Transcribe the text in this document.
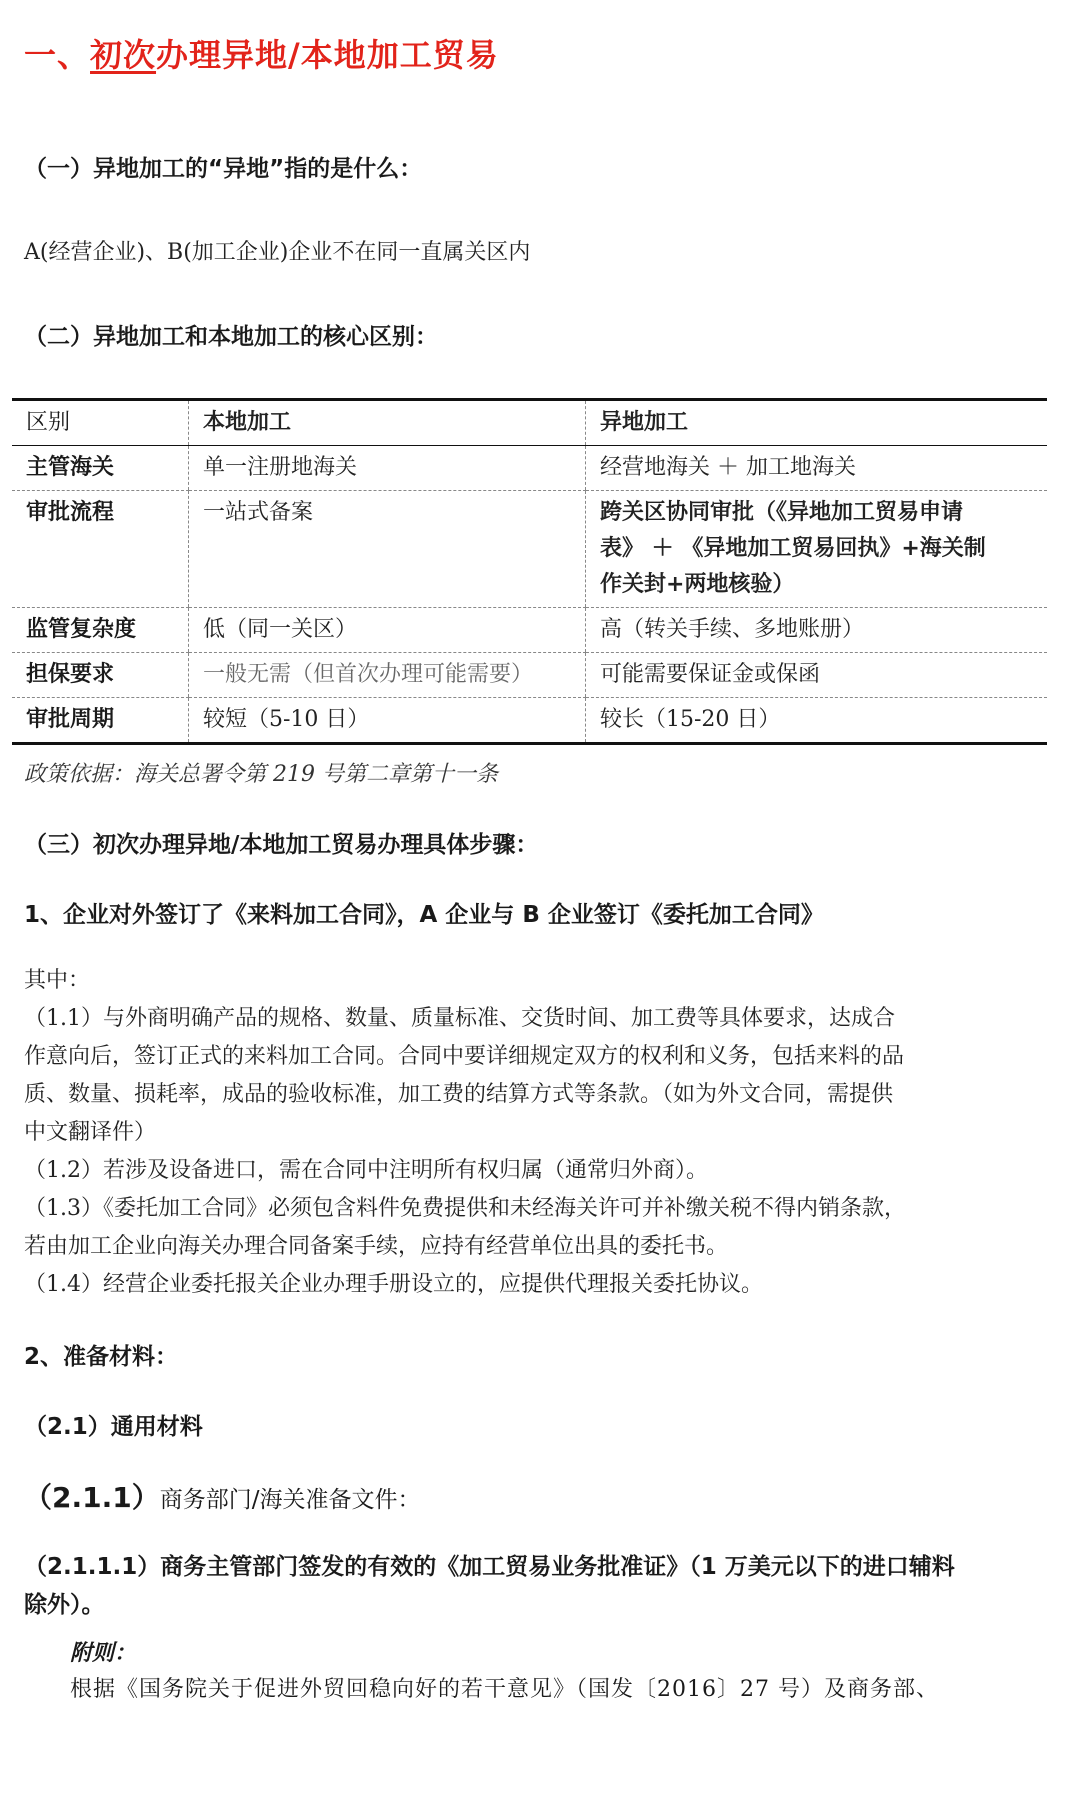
一、初次办理异地/本地加工贸易
（一）异地加工的“异地”指的是什么：
A(经营企业)、B(加工企业)企业不在同一直属关区内
（二）异地加工和本地加工的核心区别：
区别	本地加工	异地加工
主管海关	单一注册地海关	经营地海关 ＋ 加工地海关
审批流程	一站式备案	跨关区协同审批（《异地加工贸易申请
表》 ＋ 《异地加工贸易回执》+海关制
作关封+两地核验）

监管复杂度	低（同一关区）	高（转关手续、多地账册）
担保要求	一般无需（但首次办理可能需要）	可能需要保证金或保函
审批周期	较短（5-10 日）	较长（15-20 日）
政策依据：海关总署令第 219 号第二章第十一条
（三）初次办理异地/本地加工贸易办理具体步骤：
1、企业对外签订了《来料加工合同》，A 企业与 B 企业签订《委托加工合同》
其中：
（1.1）与外商明确产品的规格、数量、质量标准、交货时间、加工费等具体要求，达成合
作意向后，签订正式的来料加工合同。合同中要详细规定双方的权利和义务，包括来料的品
质、数量、损耗率，成品的验收标准，加工费的结算方式等条款。（如为外文合同，需提供
中文翻译件）
（1.2）若涉及设备进口，需在合同中注明所有权归属（通常归外商）。
（1.3）《委托加工合同》必须包含料件免费提供和未经海关许可并补缴关税不得内销条款，
若由加工企业向海关办理合同备案手续，应持有经营单位出具的委托书。
（1.4）经营企业委托报关企业办理手册设立的，应提供代理报关委托协议。
2、准备材料：
（2.1）通用材料
（2.1.1）商务部门/海关准备文件：
（2.1.1.1）商务主管部门签发的有效的《加工贸易业务批准证》（1 万美元以下的进口辅料
除外）。
附则：
根据《国务院关于促进外贸回稳向好的若干意见》（国发〔2016〕27 号）及商务部、
